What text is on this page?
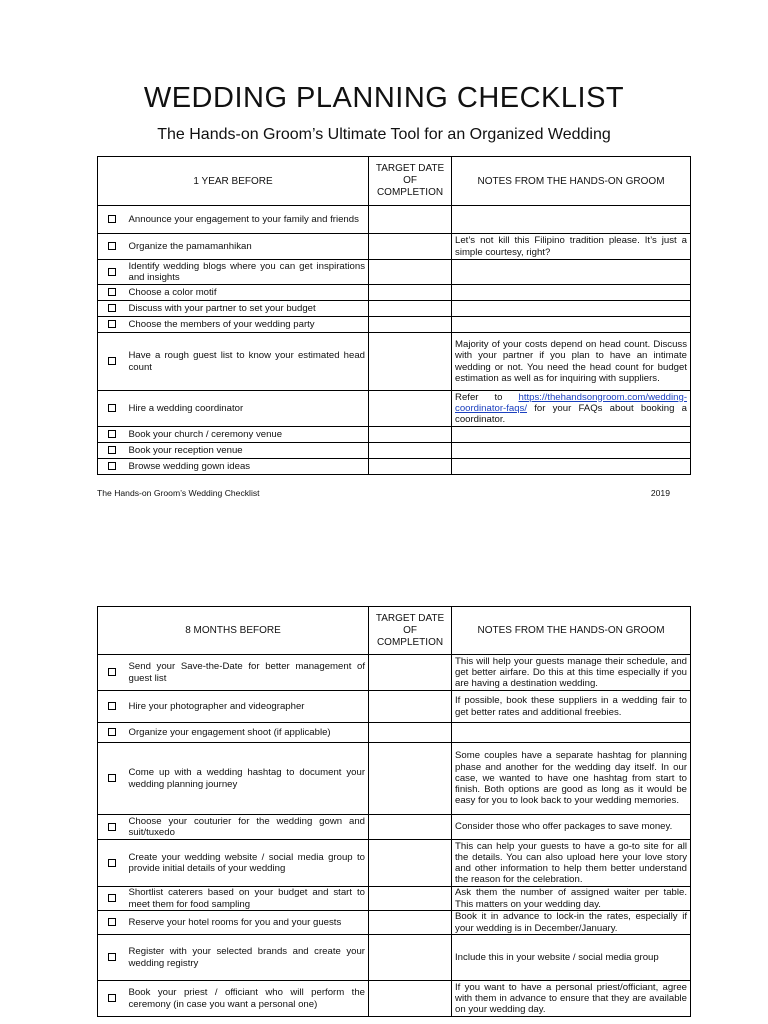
WEDDING PLANNING CHECKLIST
The Hands-on Groom’s Ultimate Tool for an Organized Wedding
1 YEAR BEFORE		TARGET DATE OF COMPLETION	NOTES FROM THE HANDS-ON GROOM
	Announce your engagement to your family and friends		
	Organize the pamamanhikan		Let’s not kill this Filipino tradition please. It’s just a simple courtesy, right?
	Identify wedding blogs where you can get inspirations and insights		
	Choose a color motif		
	Discuss with your partner to set your budget		
	Choose the members of your wedding party		
	Have a rough guest list to know your estimated head count		Majority of your costs depend on head count. Discuss with your partner if you plan to have an intimate wedding or not. You need the head count for budget estimation as well as for inquiring with suppliers.
	Hire a wedding coordinator		Refer to https://thehandsongroom.com/wedding-coordinator-faqs/ for your FAQs about booking a coordinator.
	Book your church / ceremony venue		
	Book your reception venue		
	Browse wedding gown ideas		
The Hands-on Groom’s Wedding Checklist	2019
8 MONTHS BEFORE		TARGET DATE OF COMPLETION	NOTES FROM THE HANDS-ON GROOM
	Send your Save-the-Date for better management of guest list		This will help your guests manage their schedule, and get better airfare. Do this at this time especially if you are having a destination wedding.
	Hire your photographer and videographer		If possible, book these suppliers in a wedding fair to get better rates and additional freebies.
	Organize your engagement shoot (if applicable)		
	Come up with a wedding hashtag to document your wedding planning journey		Some couples have a separate hashtag for planning phase and another for the wedding day itself. In our case, we wanted to have one hashtag from start to finish. Both options are good as long as it would be easy for you to look back to your wedding memories.
	Choose your couturier for the wedding gown and suit/tuxedo		Consider those who offer packages to save money.
	Create your wedding website / social media group to provide initial details of your wedding		This can help your guests to have a go-to site for all the details. You can also upload here your love story and other information to help them better understand the reason for the celebration.
	Shortlist caterers based on your budget and start to meet them for food sampling		Ask them the number of assigned waiter per table. This matters on your wedding day.
	Reserve your hotel rooms for you and your guests		Book it in advance to lock-in the rates, especially if your wedding is in December/January.
	Register with your selected brands and create your wedding registry		Include this in your website / social media group
	Book your priest / officiant who will perform the ceremony (in case you want a personal one)		If you want to have a personal priest/officiant, agree with them in advance to ensure that they are available on your wedding day.
